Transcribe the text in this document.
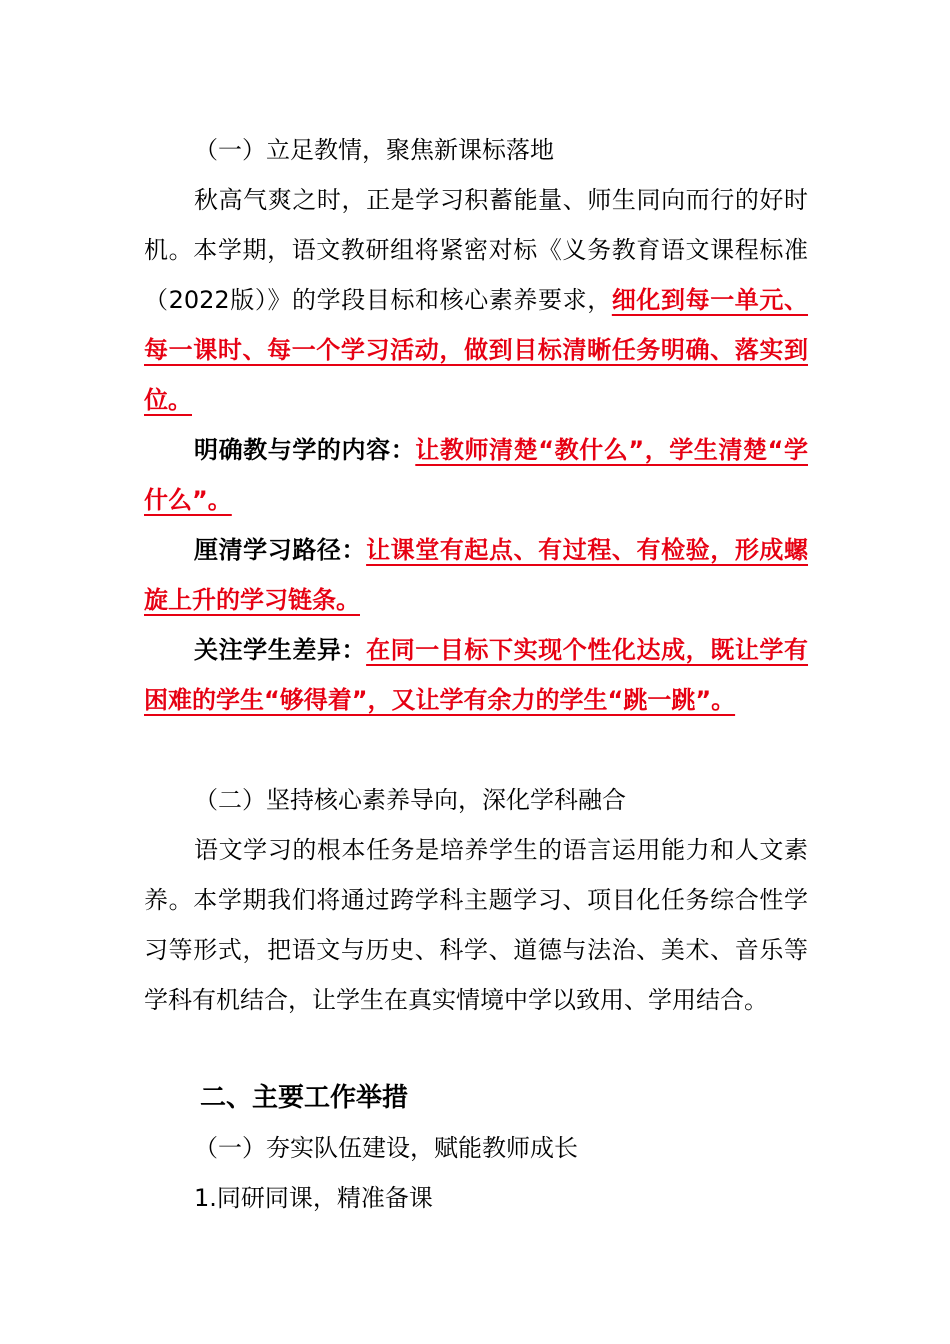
（一）立足教情，聚焦新课标落地

秋高气爽之时，正是学习积蓄能量、师生同向而行的好时机。本学期，语文教研组将紧密对标《义务教育语文课程标准（2022版）》的学段目标和核心素养要求，细化到每一单元、每一课时、每一个学习活动，做到目标清晰任务明确、落实到位。

明确教与学的内容：让教师清楚“教什么”，学生清楚“学什么”。

厘清学习路径：让课堂有起点、有过程、有检验，形成螺旋上升的学习链条。

关注学生差异：在同一目标下实现个性化达成，既让学有困难的学生“够得着”，又让学有余力的学生“跳一跳”。

（二）坚持核心素养导向，深化学科融合

语文学习的根本任务是培养学生的语言运用能力和人文素养。本学期我们将通过跨学科主题学习、项目化任务综合性学习等形式，把语文与历史、科学、道德与法治、美术、音乐等学科有机结合，让学生在真实情境中学以致用、学用结合。

二、主要工作举措

（一）夯实队伍建设，赋能教师成长

1.同研同课，精准备课
